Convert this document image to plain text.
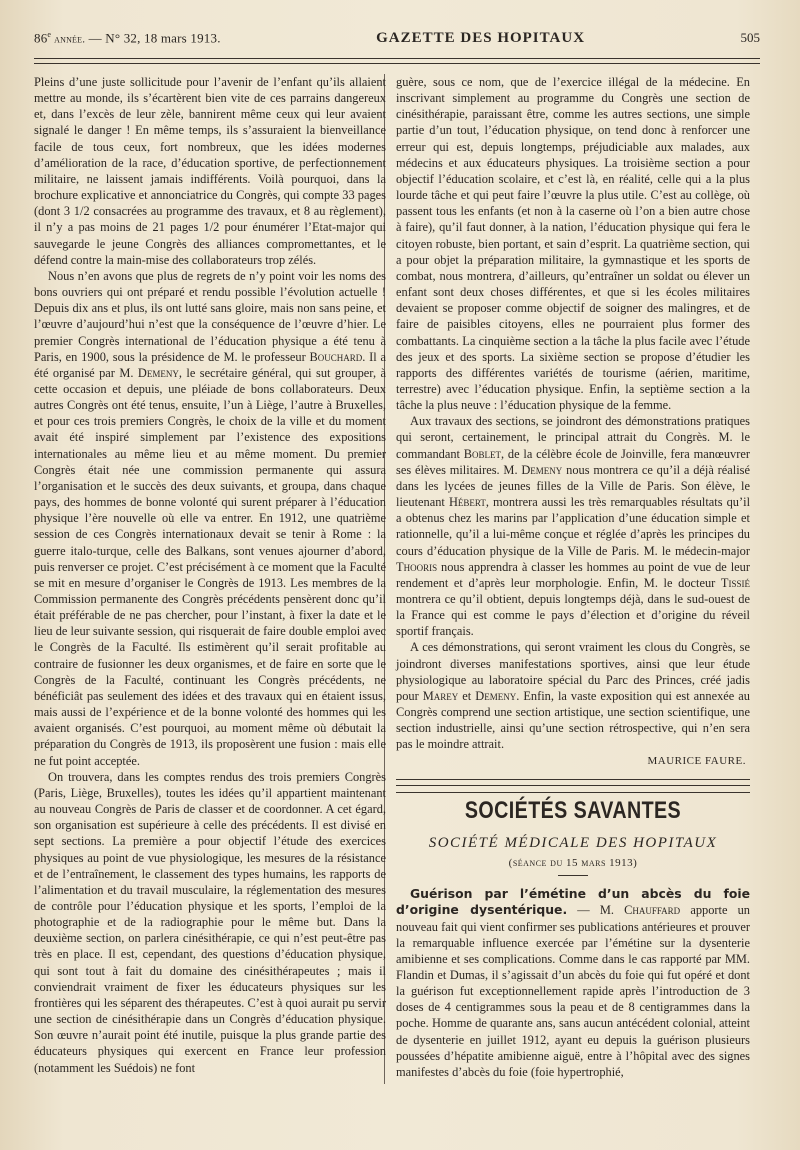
86e année. — N° 32, 18 mars 1913.	GAZETTE DES HOPITAUX	505

Pleins d’une juste sollicitude pour l’avenir de l’enfant qu’ils allaient mettre au monde, ils s’écartèrent bien vite de ces parrains dangereux et, dans l’excès de leur zèle, bannirent même ceux qui leur avaient signalé le danger ! En même temps, ils s’assuraient la bienveillance facile de tous ceux, fort nombreux, que les idées modernes d’amélioration de la race, d’éducation sportive, de perfectionnement militaire, ne laissent jamais indifférents. Voilà pourquoi, dans la brochure explicative et annonciatrice du Congrès, qui compte 33 pages (dont 3 1/2 consacrées au programme des travaux, et 8 au règlement), il n’y a pas moins de 21 pages 1/2 pour énumérer l’Etat-major qui sauvegarde le jeune Congrès des alliances compromettantes, et le défend contre la main-mise des collaborateurs trop zélés.

Nous n’en avons que plus de regrets de n’y point voir les noms des bons ouvriers qui ont préparé et rendu possible l’évolution actuelle ! Depuis dix ans et plus, ils ont lutté sans gloire, mais non sans peine, et l’œuvre d’aujourd’hui n’est que la conséquence de l’œuvre d’hier. Le premier Congrès international de l’éducation physique a été tenu à Paris, en 1900, sous la présidence de M. le professeur Bouchard. Il a été organisé par M. Demeny, le secrétaire général, qui sut grouper, à cette occasion et depuis, une pléiade de bons collaborateurs. Deux autres Congrès ont été tenus, ensuite, l’un à Liège, l’autre à Bruxelles, et pour ces trois premiers Congrès, le choix de la ville et du moment avait été inspiré simplement par l’existence des expositions internationales au même lieu et au même moment. Du premier Congrès était née une commission permanente qui assura l’organisation et le succès des deux suivants, et groupa, dans chaque pays, des hommes de bonne volonté qui surent préparer à l’éducation physique l’ère nouvelle où elle va entrer. En 1912, une quatrième session de ces Congrès internationaux devait se tenir à Rome : la guerre italo-turque, celle des Balkans, sont venues ajourner d’abord, puis renverser ce projet. C’est précisément à ce moment que la Faculté se mit en mesure d’organiser le Congrès de 1913. Les membres de la Commission permanente des Congrès précédents pensèrent donc qu’il était préférable de ne pas chercher, pour l’instant, à fixer la date et le lieu de leur suivante session, qui risquerait de faire double emploi avec le Congrès de la Faculté. Ils estimèrent qu’il serait profitable au contraire de fusionner les deux organismes, et de faire en sorte que le Congrès de la Faculté, continuant les Congrès précédents, ne bénéficiât pas seulement des idées et des travaux qui en étaient issus, mais aussi de l’expérience et de la bonne volonté des hommes qui les avaient organisés. C’est pourquoi, au moment même où débutait la préparation du Congrès de 1913, ils proposèrent une fusion : mais elle ne fut point acceptée.

On trouvera, dans les comptes rendus des trois premiers Congrès (Paris, Liège, Bruxelles), toutes les idées qu’il appartient maintenant au nouveau Congrès de Paris de classer et de coordonner. A cet égard, son organisation est supérieure à celle des précédents. Il est divisé en sept sections. La première a pour objectif l’étude des exercices physiques au point de vue physiologique, les mesures de la résistance et de l’entraînement, le classement des types humains, les rapports de l’alimentation et du travail musculaire, la réglementation des mesures de contrôle pour l’éducation physique et les sports, l’emploi de la photographie et de la radiographie pour le même but. Dans la deuxième section, on parlera cinésithérapie, ce qui n’est peut-être pas très en place. Il est, cependant, des questions d’éducation physique, qui sont tout à fait du domaine des cinésithérapeutes ; mais il conviendrait vraiment de fixer les éducateurs physiques sur les frontières qui les séparent des thérapeutes. C’est à quoi aurait pu servir une section de cinésithérapie dans un Congrès d’éducation physique. Son œuvre n’aurait point été inutile, puisque la plus grande partie des éducateurs physiques qui exercent en France leur profession (notamment les Suédois) ne font

guère, sous ce nom, que de l’exercice illégal de la médecine. En inscrivant simplement au programme du Congrès une section de cinésithérapie, paraissant être, comme les autres sections, une simple partie d’un tout, l’éducation physique, on tend donc à renforcer une erreur qui est, depuis longtemps, préjudiciable aux malades, aux médecins et aux éducateurs physiques. La troisième section a pour objectif l’éducation scolaire, et c’est là, en réalité, celle qui a la plus lourde tâche et qui peut faire l’œuvre la plus utile. C’est au collège, où passent tous les enfants (et non à la caserne où l’on a bien autre chose à faire), qu’il faut donner, à la nation, l’éducation physique qui fera le citoyen robuste, bien portant, et sain d’esprit. La quatrième section, qui a pour objet la préparation militaire, la gymnastique et les sports de combat, nous montrera, d’ailleurs, qu’entraîner un soldat ou élever un enfant sont deux choses différentes, et que si les écoles militaires devaient se proposer comme objectif de soigner des malingres, et de faire de paisibles citoyens, elles ne pourraient plus former des combattants. La cinquième section a la tâche la plus facile avec l’étude des jeux et des sports. La sixième section se propose d’étudier les rapports des différentes variétés de tourisme (aérien, maritime, terrestre) avec l’éducation physique. Enfin, la septième section a la tâche la plus neuve : l’éducation physique de la femme.

Aux travaux des sections, se joindront des démonstrations pratiques qui seront, certainement, le principal attrait du Congrès. M. le commandant Boblet, de la célèbre école de Joinville, fera manœuvrer ses élèves militaires. M. Demeny nous montrera ce qu’il a déjà réalisé dans les lycées de jeunes filles de la Ville de Paris. Son élève, le lieutenant Hébert, montrera aussi les très remarquables résultats qu’il a obtenus chez les marins par l’application d’une éducation simple et rationnelle, qu’il a lui-même conçue et réglée d’après les principes du cours d’éducation physique de la Ville de Paris. M. le médecin-major Thooris nous apprendra à classer les hommes au point de vue de leur rendement et d’après leur morphologie. Enfin, M. le docteur Tissié montrera ce qu’il obtient, depuis longtemps déjà, dans le sud-ouest de la France qui est comme le pays d’élection et d’origine du réveil sportif français.

A ces démonstrations, qui seront vraiment les clous du Congrès, se joindront diverses manifestations sportives, ainsi que leur étude physiologique au laboratoire spécial du Parc des Princes, créé jadis pour Marey et Demeny. Enfin, la vaste exposition qui est annexée au Congrès comprend une section artistique, une section scientifique, une section industrielle, ainsi qu’une section rétrospective, qui n’en sera pas le moindre attrait.

MAURICE FAURE.
SOCIÉTÉS SAVANTES
SOCIÉTÉ MÉDICALE DES HOPITAUX
(séance du 15 mars 1913)

Guérison par l’émétine d’un abcès du foie d’origine dysentérique. — M. Chauffard apporte un nouveau fait qui vient confirmer ses publications antérieures et prouver la remarquable influence exercée par l’émétine sur la dysenterie amibienne et ses complications. Comme dans le cas rapporté par MM. Flandin et Dumas, il s’agissait d’un abcès du foie qui fut opéré et dont la guérison fut exceptionnellement rapide après l’introduction de 3 doses de 4 centigrammes sous la peau et de 8 centigrammes dans la poche. Homme de quarante ans, sans aucun antécédent colonial, atteint de dysenterie en juillet 1912, ayant eu depuis la guérison plusieurs poussées d’hépatite amibienne aiguë, entre à l’hôpital avec des signes manifestes d’abcès du foie (foie hypertrophié,
